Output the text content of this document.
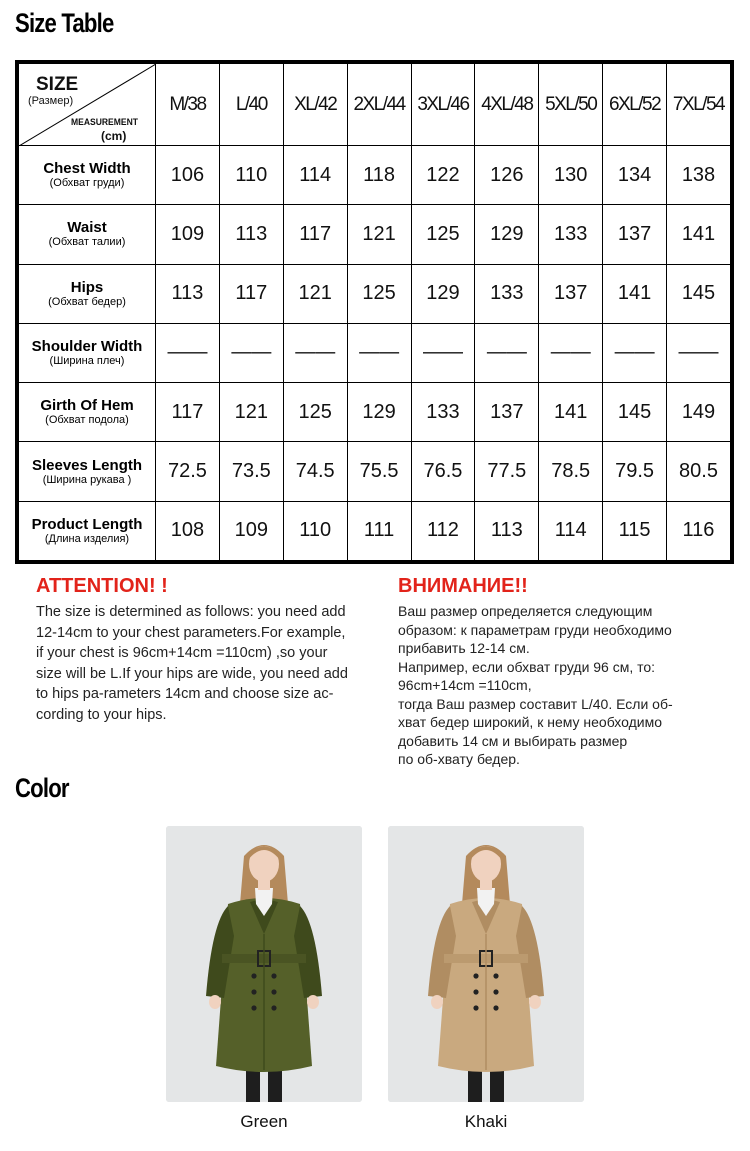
Size Table
SIZE
(Размер)
MEASUREMENT
(cm)	M/38	L/40	XL/42	2XL/44	3XL/46	4XL/48	5XL/50	6XL/52	7XL/54

Chest Width
(Обхват груди)	106	110	114	118	122	126	130	134	138

Waist
(Обхват талии)	109	113	117	121	125	129	133	137	141

Hips
(Обхват бедер)	113	117	121	125	129	133	137	141	145

Shoulder Width
(Ширина плеч)	——	——	——	——	——	——	——	——	——

Girth Of Hem
(Обхват подола)	117	121	125	129	133	137	141	145	149

Sleeves Length
(Ширина рукава )	72.5	73.5	74.5	75.5	76.5	77.5	78.5	79.5	80.5

Product Length
(Длина изделия)	108	109	110	111	112	113	114	115	116
ATTENTION! !

The size is determined as follows: you need add

12-14cm to your chest parameters.For example,

if your chest is 96cm+14cm =110cm) ,so your

size will be L.If your hips are wide, you need add

to hips pa-rameters 14cm and choose size ac-

cording to your hips.

ВНИМАНИЕ!!

Ваш размер определяется следующим

образом: к параметрам груди необходимо

прибавить 12-14 см.

Например, если обхват груди 96 см, то:

96cm+14cm =110cm,

тогда Ваш размер составит L/40. Если об-

хват бедер широкий, к нему необходимо

добавить 14 см и выбирать размер

по об-хвату бедер.

Color
Green	Khaki
